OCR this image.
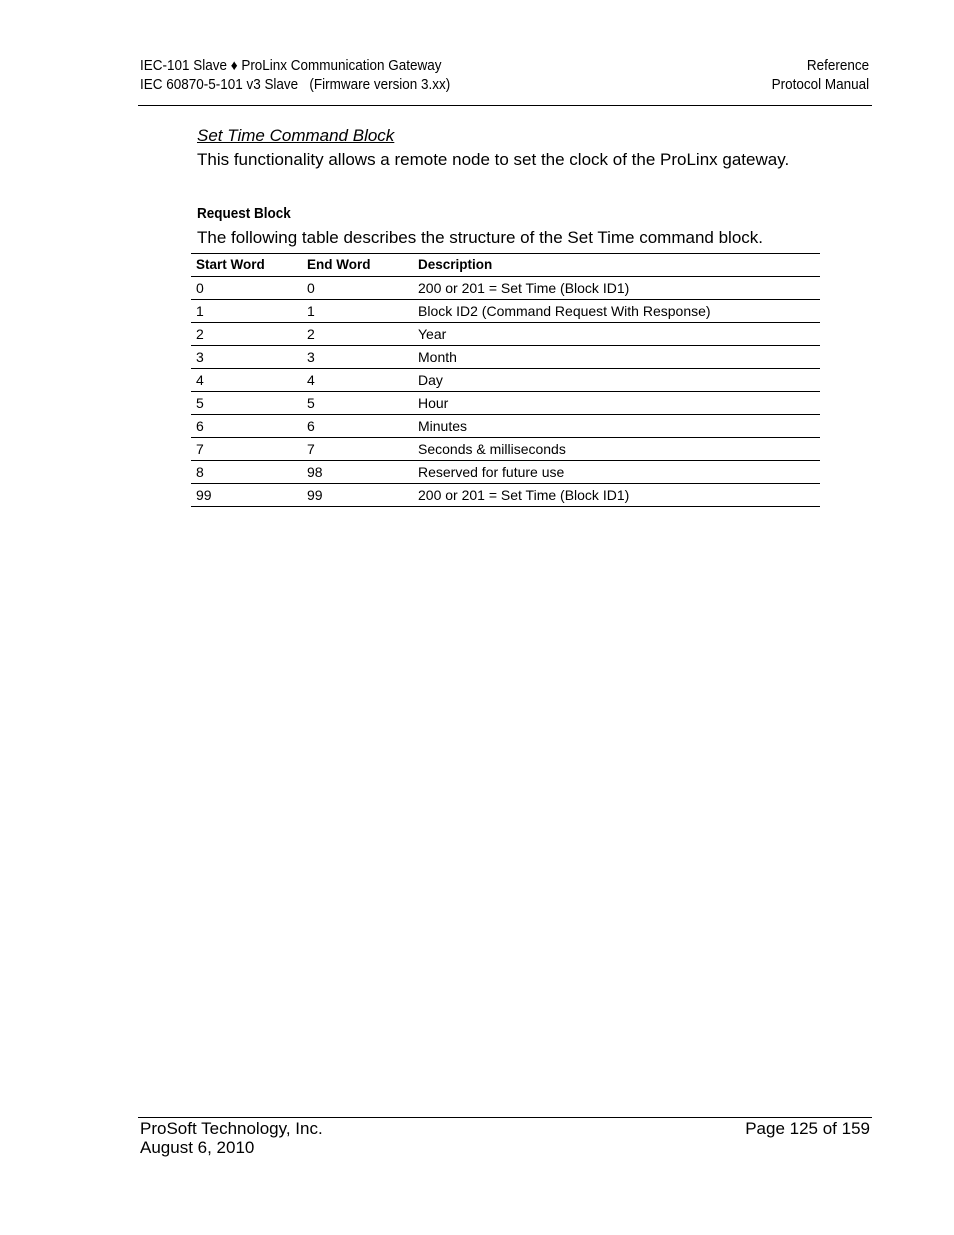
IEC-101 Slave ♦ ProLinx Communication Gateway
IEC 60870-5-101 v3 Slave   (Firmware version 3.xx)
Reference
Protocol Manual
Set Time Command Block
This functionality allows a remote node to set the clock of the ProLinx gateway.
Request Block
The following table describes the structure of the Set Time command block.
Start Word	End Word	Description
0	0	200 or 201 = Set Time (Block ID1)
1	1	Block ID2 (Command Request With Response)
2	2	Year
3	3	Month
4	4	Day
5	5	Hour
6	6	Minutes
7	7	Seconds & milliseconds
8	98	Reserved for future use
99	99	200 or 201 = Set Time (Block ID1)
ProSoft Technology, Inc.
August 6, 2010
Page 125 of 159
